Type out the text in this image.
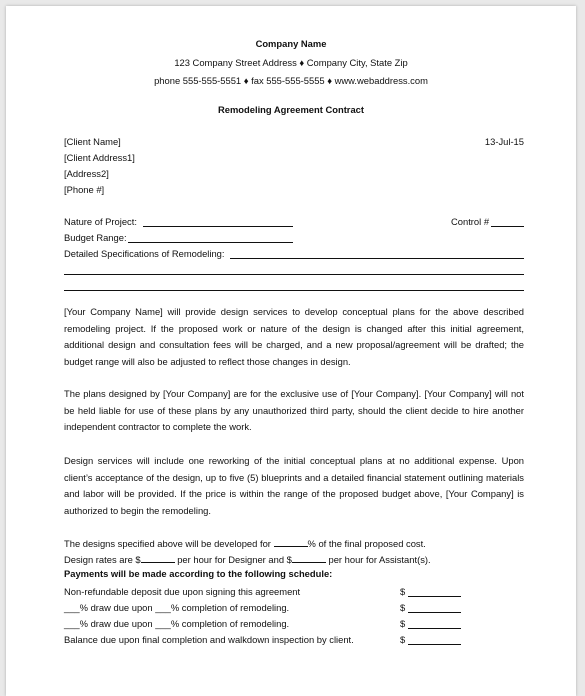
Company Name
123 Company Street Address ♦ Company City, State Zip
phone 555-555-5551 ♦ fax 555-555-5555 ♦ www.webaddress.com
Remodeling Agreement Contract
[Client Name]
[Client Address1]
[Address2]
[Phone #]
13-Jul-15
Nature of Project:	Control #
Budget Range:
Detailed Specifications of Remodeling:
[Your Company Name] will provide design services to develop conceptual plans for the above described remodeling project. If the proposed work or nature of the design is changed after this initial agreement, additional design and consultation fees will be charged, and a new proposal/agreement will be drafted; the budget range will also be adjusted to reflect those changes in design.
The plans designed by [Your Company] are for the exclusive use of [Your Company]. [Your Company] will not be held liable for use of these plans by any unauthorized third party, should the client decide to hire another independent contractor to complete the work.
Design services will include one reworking of the initial conceptual plans at no additional expense. Upon client’s acceptance of the design, up to five (5) blueprints and a detailed financial statement outlining materials and labor will be provided. If the price is within the range of the proposed budget above, [Your Company] is authorized to begin the remodeling.
The designs specified above will be developed for	% of the final proposed cost.
Design rates are $	per hour for Designer and $	per hour for Assistant(s).
Payments will be made according to the following schedule:
Non-refundable deposit due upon signing this agreement	$
___% draw due upon ___% completion of remodeling.	$
___% draw due upon ___% completion of remodeling.	$
Balance due upon final completion and walkdown inspection by client.	$
